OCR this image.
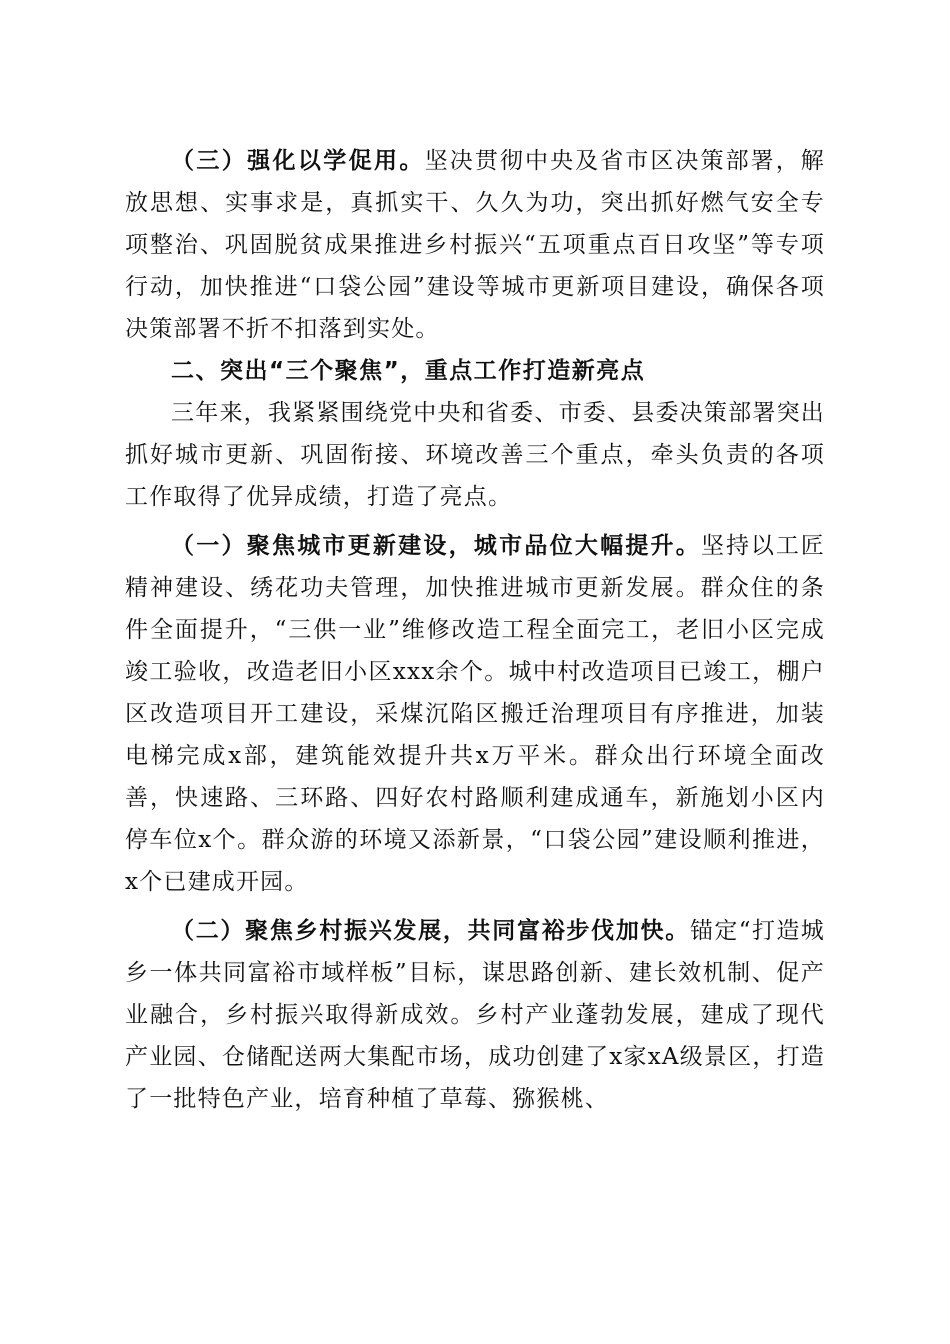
（三）强化以学促用。坚决贯彻中央及省市区决策部署，解放思想、实事求是，真抓实干、久久为功，突出抓好燃气安全专项整治、巩固脱贫成果推进乡村振兴“五项重点百日攻坚”等专项行动，加快推进“口袋公园”建设等城市更新项目建设，确保各项决策部署不折不扣落到实处。

二、突出“三个聚焦”，重点工作打造新亮点

三年来，我紧紧围绕党中央和省委、市委、县委决策部署突出抓好城市更新、巩固衔接、环境改善三个重点，牵头负责的各项工作取得了优异成绩，打造了亮点。

（一）聚焦城市更新建设，城市品位大幅提升。坚持以工匠精神建设、绣花功夫管理，加快推进城市更新发展。群众住的条件全面提升，“三供一业”维修改造工程全面完工，老旧小区完成竣工验收，改造老旧小区xxx余个。城中村改造项目已竣工，棚户区改造项目开工建设，采煤沉陷区搬迁治理项目有序推进，加装电梯完成x部，建筑能效提升共x万平米。群众出行环境全面改善，快速路、三环路、四好农村路顺利建成通车，新施划小区内停车位x个。群众游的环境又添新景，“口袋公园”建设顺利推进，x个已建成开园。

（二）聚焦乡村振兴发展，共同富裕步伐加快。锚定“打造城乡一体共同富裕市域样板”目标，谋思路创新、建长效机制、促产业融合，乡村振兴取得新成效。乡村产业蓬勃发展，建成了现代产业园、仓储配送两大集配市场，成功创建了x家xA级景区，打造了一批特色产业，培育种植了草莓、猕猴桃、
